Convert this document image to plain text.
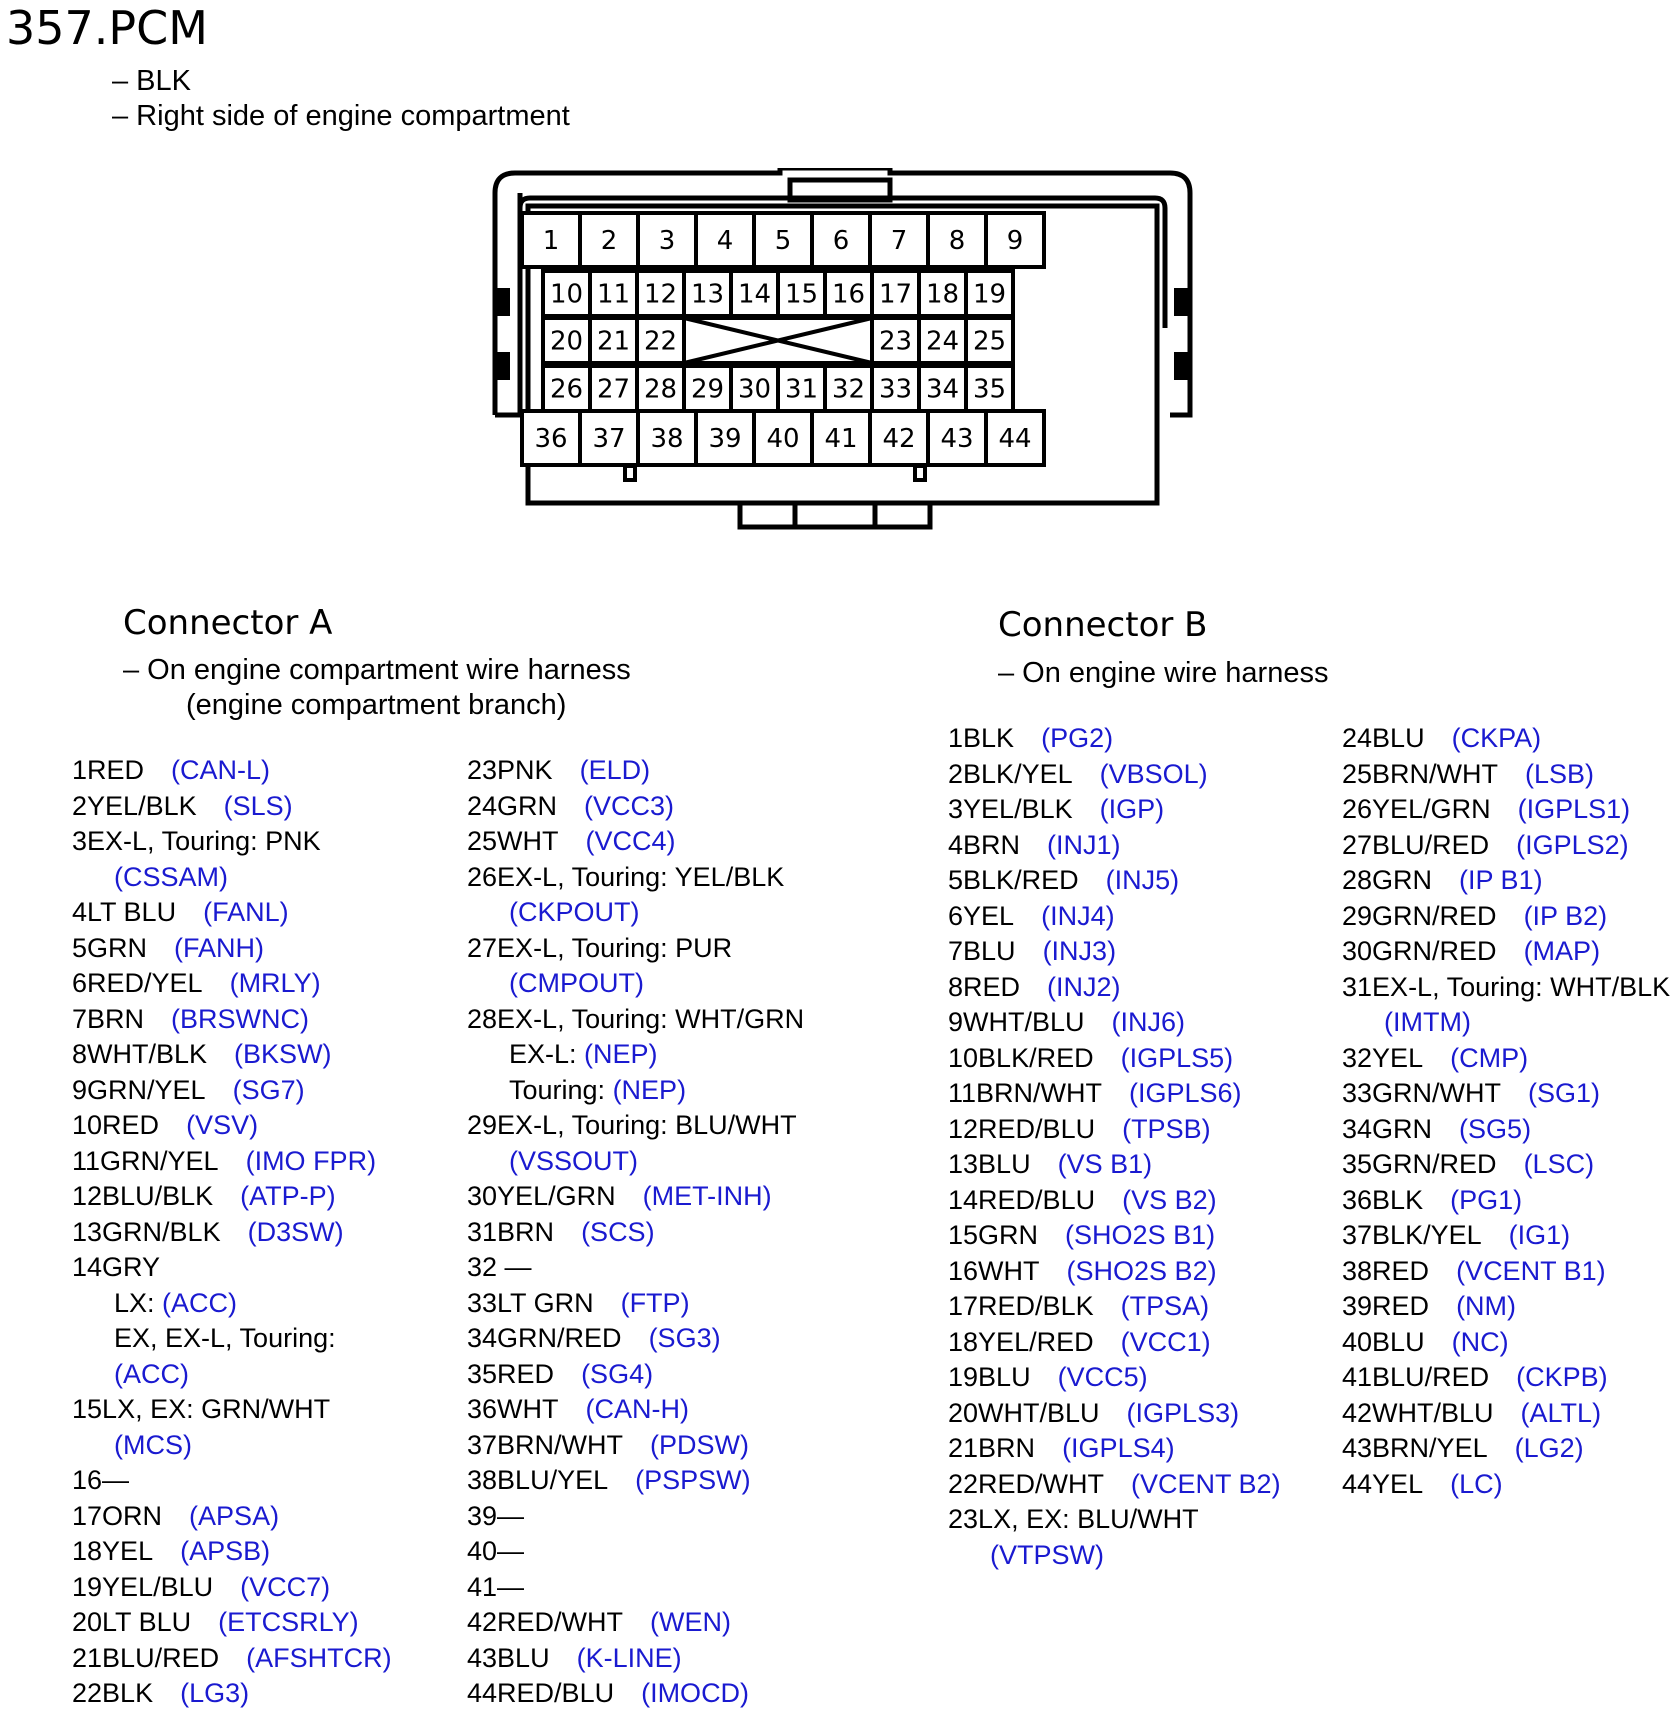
357.PCM
– BLK
– Right side of engine compartment
1 2 3 4 5 6 7 8 9
36 37 38 39 40 41 42 43 44
10 11 12 13 14 15 16 17 18 19
26 27 28 29 30 31 32 33 34 35
20 21 22	23 24 25
Connector A
– On engine compartment wire harness
(engine compartment branch)
Connector B
– On engine wire harness
1RED   (CAN-L)
2YEL/BLK   (SLS)
3EX-L, Touring: PNK
(CSSAM)
4LT BLU   (FANL)
5GRN   (FANH)
6RED/YEL   (MRLY)
7BRN   (BRSWNC)
8WHT/BLK   (BKSW)
9GRN/YEL   (SG7)
10RED   (VSV)
11GRN/YEL   (IMO FPR)
12BLU/BLK   (ATP-P)
13GRN/BLK   (D3SW)
14GRY
LX: (ACC)
EX, EX-L, Touring:
(ACC)
15LX, EX: GRN/WHT
(MCS)
16—
17ORN   (APSA)
18YEL   (APSB)
19YEL/BLU   (VCC7)
20LT BLU   (ETCSRLY)
21BLU/RED   (AFSHTCR)
22BLK   (LG3)
23PNK   (ELD)
24GRN   (VCC3)
25WHT   (VCC4)
26EX-L, Touring: YEL/BLK
(CKPOUT)
27EX-L, Touring: PUR
(CMPOUT)
28EX-L, Touring: WHT/GRN
EX-L: (NEP)
Touring: (NEP)
29EX-L, Touring: BLU/WHT
(VSSOUT)
30YEL/GRN   (MET-INH)
31BRN   (SCS)
32 —
33LT GRN   (FTP)
34GRN/RED   (SG3)
35RED   (SG4)
36WHT   (CAN-H)
37BRN/WHT   (PDSW)
38BLU/YEL   (PSPSW)
39—
40—
41—
42RED/WHT   (WEN)
43BLU   (K-LINE)
44RED/BLU   (IMOCD)
1BLK   (PG2)
2BLK/YEL   (VBSOL)
3YEL/BLK   (IGP)
4BRN   (INJ1)
5BLK/RED   (INJ5)
6YEL   (INJ4)
7BLU   (INJ3)
8RED   (INJ2)
9WHT/BLU   (INJ6)
10BLK/RED   (IGPLS5)
11BRN/WHT   (IGPLS6)
12RED/BLU   (TPSB)
13BLU   (VS B1)
14RED/BLU   (VS B2)
15GRN   (SHO2S B1)
16WHT   (SHO2S B2)
17RED/BLK   (TPSA)
18YEL/RED   (VCC1)
19BLU   (VCC5)
20WHT/BLU   (IGPLS3)
21BRN   (IGPLS4)
22RED/WHT   (VCENT B2)
23LX, EX: BLU/WHT
(VTPSW)
24BLU   (CKPA)
25BRN/WHT   (LSB)
26YEL/GRN   (IGPLS1)
27BLU/RED   (IGPLS2)
28GRN   (IP B1)
29GRN/RED   (IP B2)
30GRN/RED   (MAP)
31EX-L, Touring: WHT/BLK
(IMTM)
32YEL   (CMP)
33GRN/WHT   (SG1)
34GRN   (SG5)
35GRN/RED   (LSC)
36BLK   (PG1)
37BLK/YEL   (IG1)
38RED   (VCENT B1)
39RED   (NM)
40BLU   (NC)
41BLU/RED   (CKPB)
42WHT/BLU   (ALTL)
43BRN/YEL   (LG2)
44YEL   (LC)
